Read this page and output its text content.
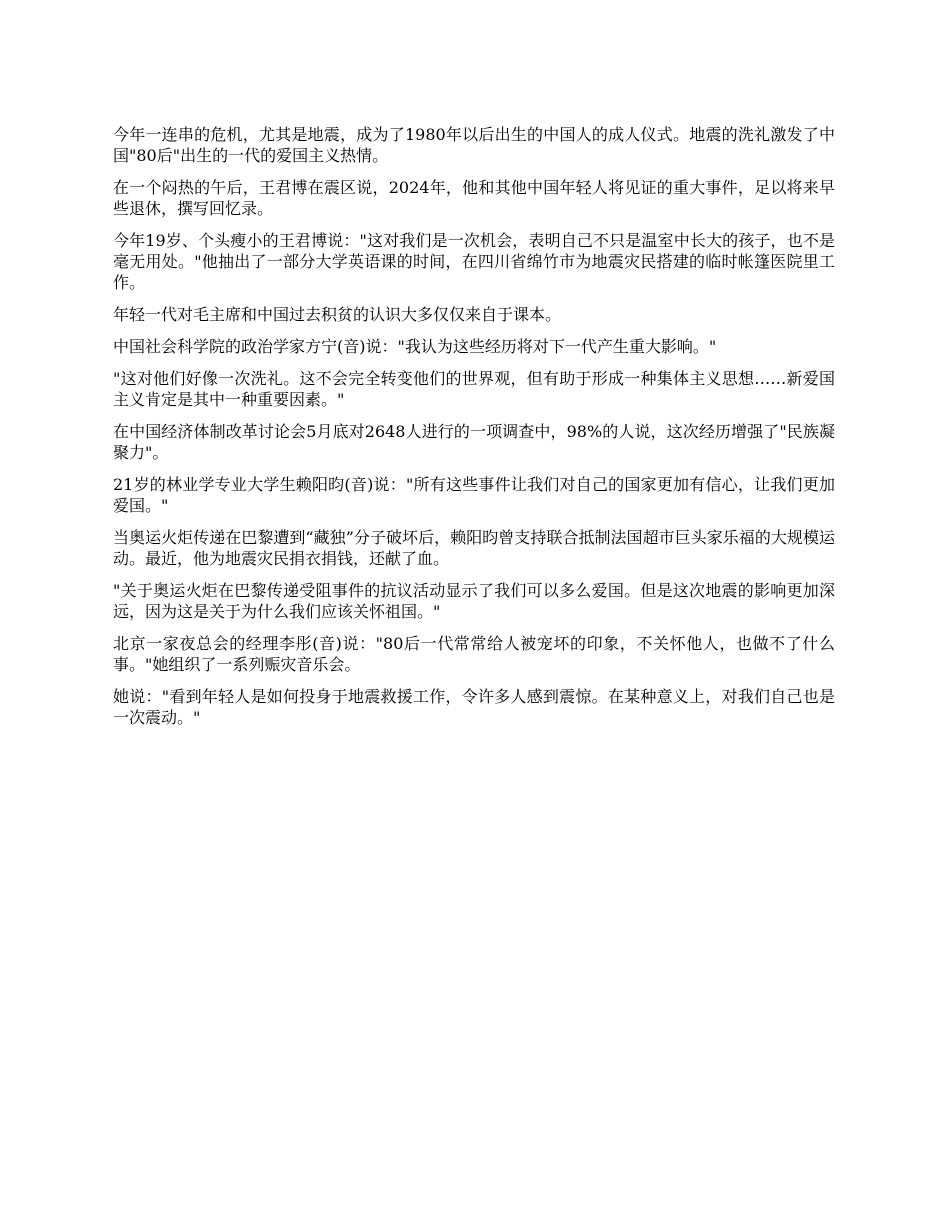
今年一连串的危机，尤其是地震，成为了1980年以后出生的中国人的成人仪式。地震的洗礼激发了中国"80后"出生的一代的爱国主义热情。

在一个闷热的午后，王君博在震区说，2024年，他和其他中国年轻人将见证的重大事件，足以将来早些退休，撰写回忆录。

今年19岁、个头瘦小的王君博说："这对我们是一次机会，表明自己不只是温室中长大的孩子，也不是毫无用处。"他抽出了一部分大学英语课的时间，在四川省绵竹市为地震灾民搭建的临时帐篷医院里工作。

年轻一代对毛主席和中国过去积贫的认识大多仅仅来自于课本。

中国社会科学院的政治学家方宁(音)说："我认为这些经历将对下一代产生重大影响。"

"这对他们好像一次洗礼。这不会完全转变他们的世界观，但有助于形成一种集体主义思想……新爱国主义肯定是其中一种重要因素。"

在中国经济体制改革讨论会5月底对2648人进行的一项调查中，98%的人说，这次经历增强了"民族凝聚力"。

21岁的林业学专业大学生赖阳昀(音)说："所有这些事件让我们对自己的国家更加有信心，让我们更加爱国。"

当奥运火炬传递在巴黎遭到“藏独”分子破坏后，赖阳昀曾支持联合抵制法国超市巨头家乐福的大规模运动。最近，他为地震灾民捐衣捐钱，还献了血。

"关于奥运火炬在巴黎传递受阻事件的抗议活动显示了我们可以多么爱国。但是这次地震的影响更加深远，因为这是关于为什么我们应该关怀祖国。"

北京一家夜总会的经理李彤(音)说："80后一代常常给人被宠坏的印象，不关怀他人，也做不了什么事。"她组织了一系列赈灾音乐会。

她说："看到年轻人是如何投身于地震救援工作，令许多人感到震惊。在某种意义上，对我们自己也是一次震动。"
